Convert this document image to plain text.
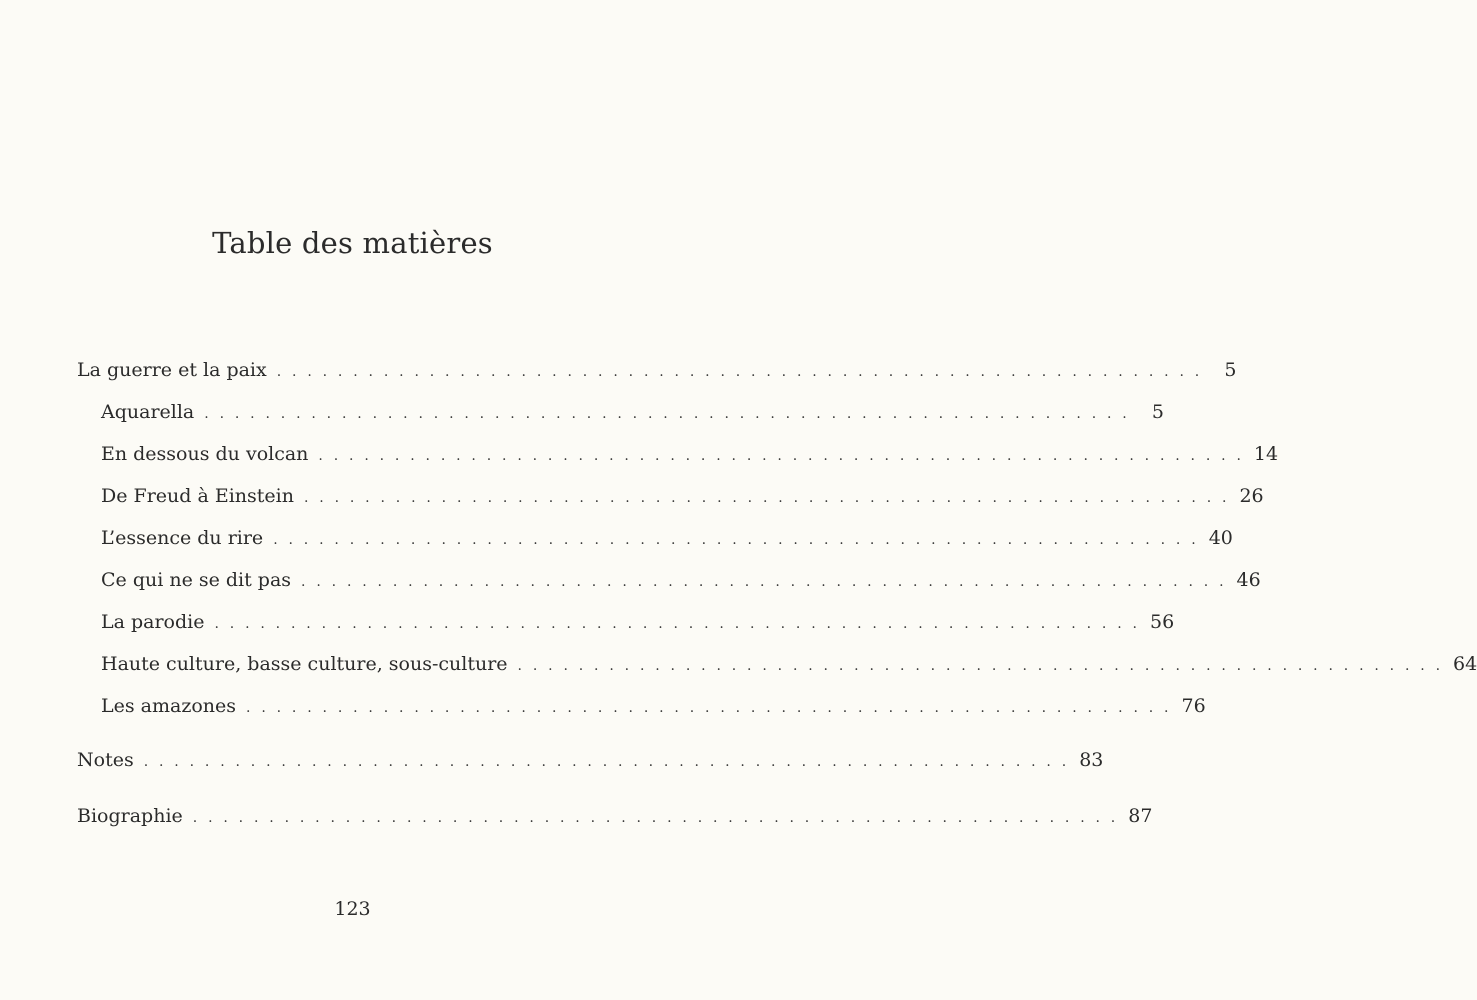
Table des matières
La guerre et la paix . . . . . . . . . . . . . . . . . . . . . . . . . . . . . . . . . . . . . . . . . . . . . . . . . . . . . . . . . . . . .	5
Aquarella . . . . . . . . . . . . . . . . . . . . . . . . . . . . . . . . . . . . . . . . . . . . . . . . . . . . . . . . . . . . .	5
En dessous du volcan . . . . . . . . . . . . . . . . . . . . . . . . . . . . . . . . . . . . . . . . . . . . . . . . . . . . . . . . . . . . . 14
De Freud à Einstein . . . . . . . . . . . . . . . . . . . . . . . . . . . . . . . . . . . . . . . . . . . . . . . . . . . . . . . . . . . . . 26
L’essence du rire . . . . . . . . . . . . . . . . . . . . . . . . . . . . . . . . . . . . . . . . . . . . . . . . . . . . . . . . . . . . . 40
Ce qui ne se dit pas . . . . . . . . . . . . . . . . . . . . . . . . . . . . . . . . . . . . . . . . . . . . . . . . . . . . . . . . . . . . . 46
La parodie . . . . . . . . . . . . . . . . . . . . . . . . . . . . . . . . . . . . . . . . . . . . . . . . . . . . . . . . . . . . . 56
Haute culture, basse culture, sous-culture . . . . . . . . . . . . . . . . . . . . . . . . . . . . . . . . . . . . . . . . . . . . . . . . . . . . . . . . . . . . . 64
Les amazones . . . . . . . . . . . . . . . . . . . . . . . . . . . . . . . . . . . . . . . . . . . . . . . . . . . . . . . . . . . . . 76
Notes . . . . . . . . . . . . . . . . . . . . . . . . . . . . . . . . . . . . . . . . . . . . . . . . . . . . . . . . . . . . . 83
Biographie . . . . . . . . . . . . . . . . . . . . . . . . . . . . . . . . . . . . . . . . . . . . . . . . . . . . . . . . . . . . . 87
123
